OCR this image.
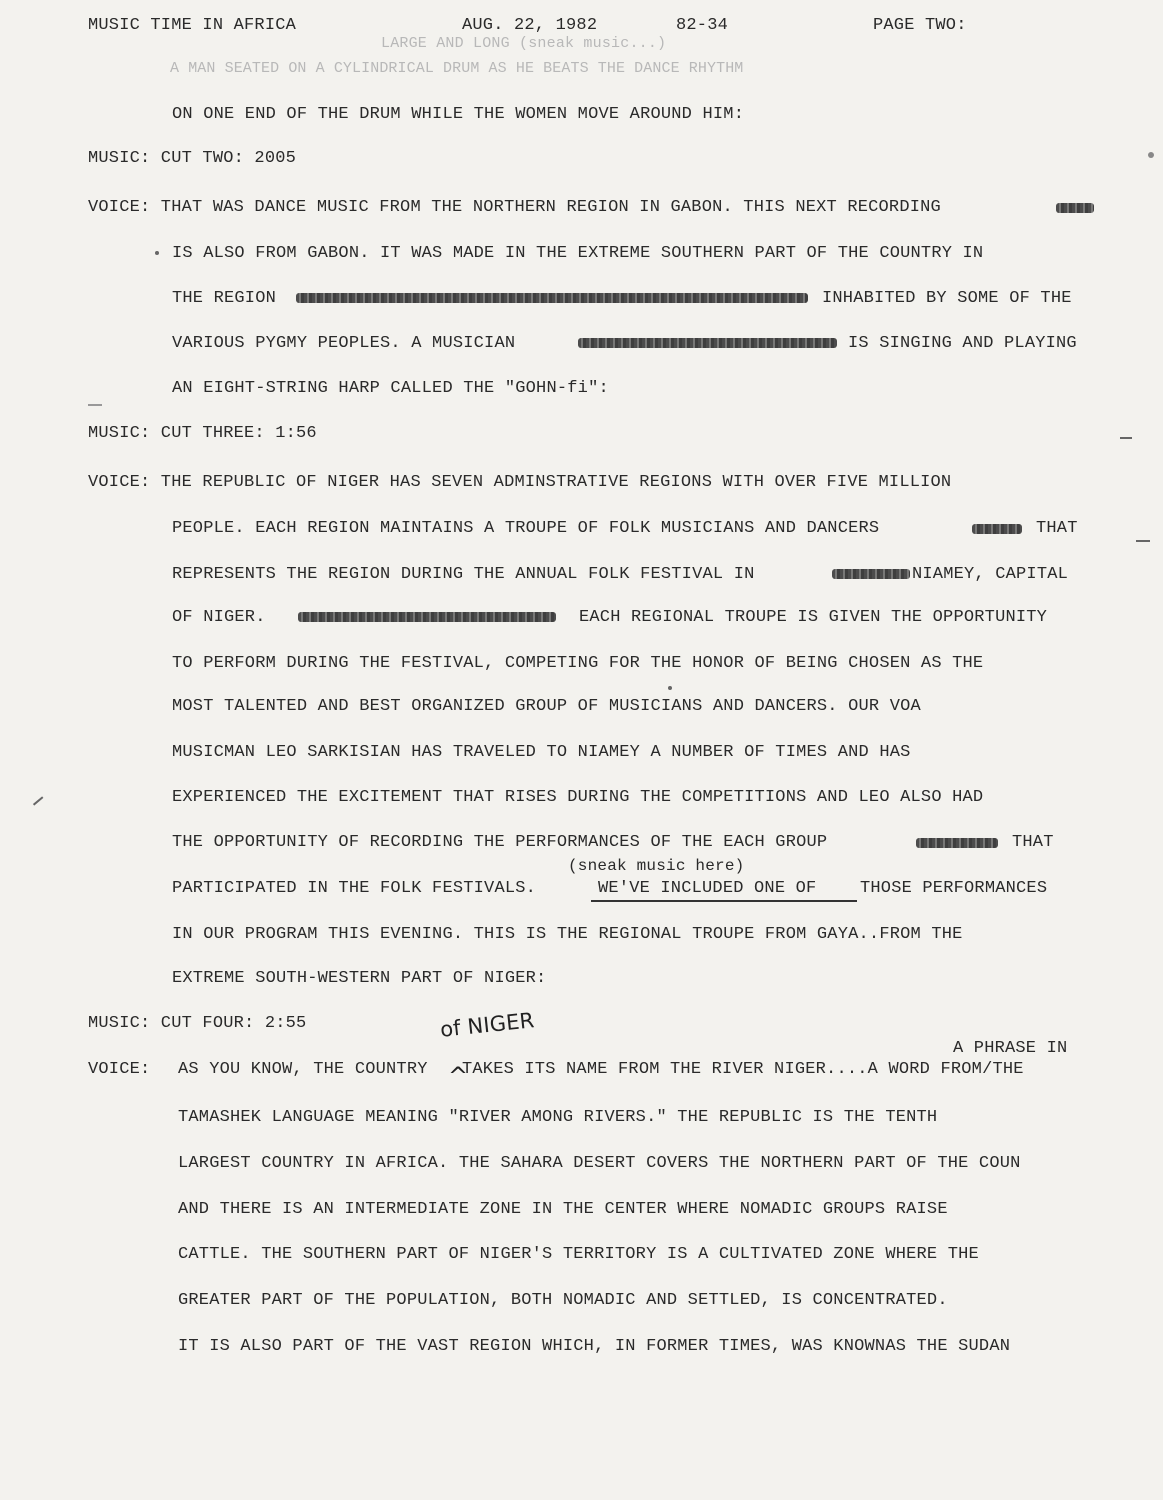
MUSIC TIME IN AFRICA	AUG. 22, 1982	82-34	PAGE TWO:
LARGE AND LONG (sneak music...)
A MAN SEATED ON A CYLINDRICAL DRUM AS HE BEATS THE DANCE RHYTHM
ON ONE END OF THE DRUM WHILE THE WOMEN MOVE AROUND HIM:
MUSIC: CUT TWO: 2005
VOICE: THAT WAS DANCE MUSIC FROM THE NORTHERN REGION IN GABON. THIS NEXT RECORDING
IS ALSO FROM GABON. IT WAS MADE IN THE EXTREME SOUTHERN PART OF THE COUNTRY IN
THE REGION	INHABITED BY SOME OF THE
VARIOUS PYGMY PEOPLES. A MUSICIAN	IS SINGING AND PLAYING
AN EIGHT-STRING HARP CALLED THE "GOHN-fi":
MUSIC: CUT THREE: 1:56
VOICE: THE REPUBLIC OF NIGER HAS SEVEN ADMINSTRATIVE REGIONS WITH OVER FIVE MILLION
PEOPLE. EACH REGION MAINTAINS A TROUPE OF FOLK MUSICIANS AND DANCERS	THAT
REPRESENTS THE REGION DURING THE ANNUAL FOLK FESTIVAL IN	NIAMEY, CAPITAL
OF NIGER.	EACH REGIONAL TROUPE IS GIVEN THE OPPORTUNITY
TO PERFORM DURING THE FESTIVAL, COMPETING FOR THE HONOR OF BEING CHOSEN AS THE
MOST TALENTED AND BEST ORGANIZED GROUP OF MUSICIANS AND DANCERS. OUR VOA
MUSICMAN LEO SARKISIAN HAS TRAVELED TO NIAMEY A NUMBER OF TIMES AND HAS
EXPERIENCED THE EXCITEMENT THAT RISES DURING THE COMPETITIONS AND LEO ALSO HAD
THE OPPORTUNITY OF RECORDING THE PERFORMANCES OF THE EACH GROUP	THAT
(sneak music here)
PARTICIPATED IN THE FOLK FESTIVALS.	WE'VE INCLUDED ONE OF	THOSE PERFORMANCES
IN OUR PROGRAM THIS EVENING. THIS IS THE REGIONAL TROUPE FROM GAYA..FROM THE
EXTREME SOUTH-WESTERN PART OF NIGER:
MUSIC: CUT FOUR: 2:55
A PHRASE IN
VOICE: AS YOU KNOW, THE COUNTRY TAKES ITS NAME FROM THE RIVER NIGER....A WORD FROM/THE
TAMASHEK LANGUAGE MEANING "RIVER AMONG RIVERS." THE REPUBLIC IS THE TENTH
LARGEST COUNTRY IN AFRICA. THE SAHARA DESERT COVERS THE NORTHERN PART OF THE COUN
AND THERE IS AN INTERMEDIATE ZONE IN THE CENTER WHERE NOMADIC GROUPS RAISE
CATTLE. THE SOUTHERN PART OF NIGER'S TERRITORY IS A CULTIVATED ZONE WHERE THE
GREATER PART OF THE POPULATION, BOTH NOMADIC AND SETTLED, IS CONCENTRATED.
IT IS ALSO PART OF THE VAST REGION WHICH, IN FORMER TIMES, WAS KNOWNAS THE SUDAN
of NIGER
^
